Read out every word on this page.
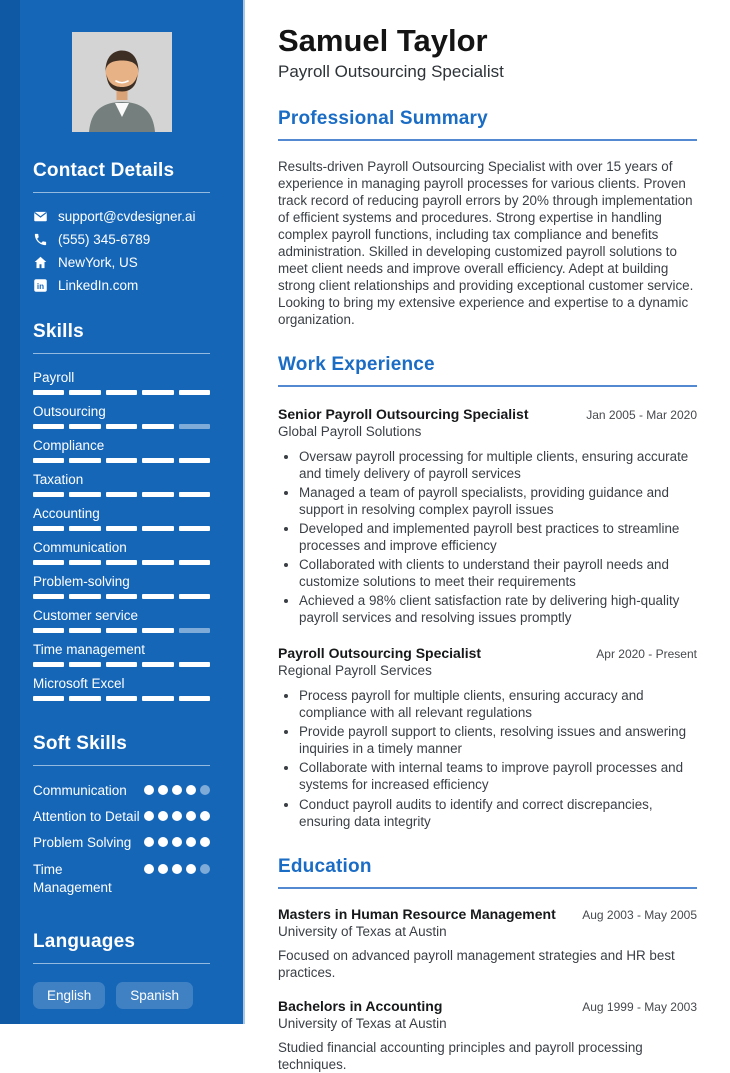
Contact Details
support@cvdesigner.ai
(555) 345-6789
NewYork, US
in LinkedIn.com
Skills
Payroll
Outsourcing
Compliance
Taxation
Accounting
Communication
Problem-solving
Customer service
Time management
Microsoft Excel
Soft Skills
Communication
Attention to Detail
Problem Solving
Time Management
Languages
English	Spanish
Samuel Taylor
Payroll Outsourcing Specialist
Professional Summary

Results-driven Payroll Outsourcing Specialist with over 15 years of experience in managing payroll processes for various clients. Proven track record of reducing payroll errors by 20% through implementation of efficient systems and procedures. Strong expertise in handling complex payroll functions, including tax compliance and benefits administration. Skilled in developing customized payroll solutions to meet client needs and improve overall efficiency. Adept at building strong client relationships and providing exceptional customer service. Looking to bring my extensive experience and expertise to a dynamic organization.

Work Experience
Senior Payroll Outsourcing Specialist	Jan 2005 - Mar 2020
Global Payroll Solutions
• Oversaw payroll processing for multiple clients, ensuring accurate and timely delivery of payroll services
• Managed a team of payroll specialists, providing guidance and support in resolving complex payroll issues
• Developed and implemented payroll best practices to streamline processes and improve efficiency
• Collaborated with clients to understand their payroll needs and customize solutions to meet their requirements
• Achieved a 98% client satisfaction rate by delivering high-quality payroll services and resolving issues promptly
Payroll Outsourcing Specialist	Apr 2020 - Present
Regional Payroll Services
• Process payroll for multiple clients, ensuring accuracy and compliance with all relevant regulations
• Provide payroll support to clients, resolving issues and answering inquiries in a timely manner
• Collaborate with internal teams to improve payroll processes and systems for increased efficiency
• Conduct payroll audits to identify and correct discrepancies, ensuring data integrity
Education
Masters in Human Resource Management	Aug 2003 - May 2005
University of Texas at Austin

Focused on advanced payroll management strategies and HR best practices.

Bachelors in Accounting	Aug 1999 - May 2003
University of Texas at Austin

Studied financial accounting principles and payroll processing techniques.
